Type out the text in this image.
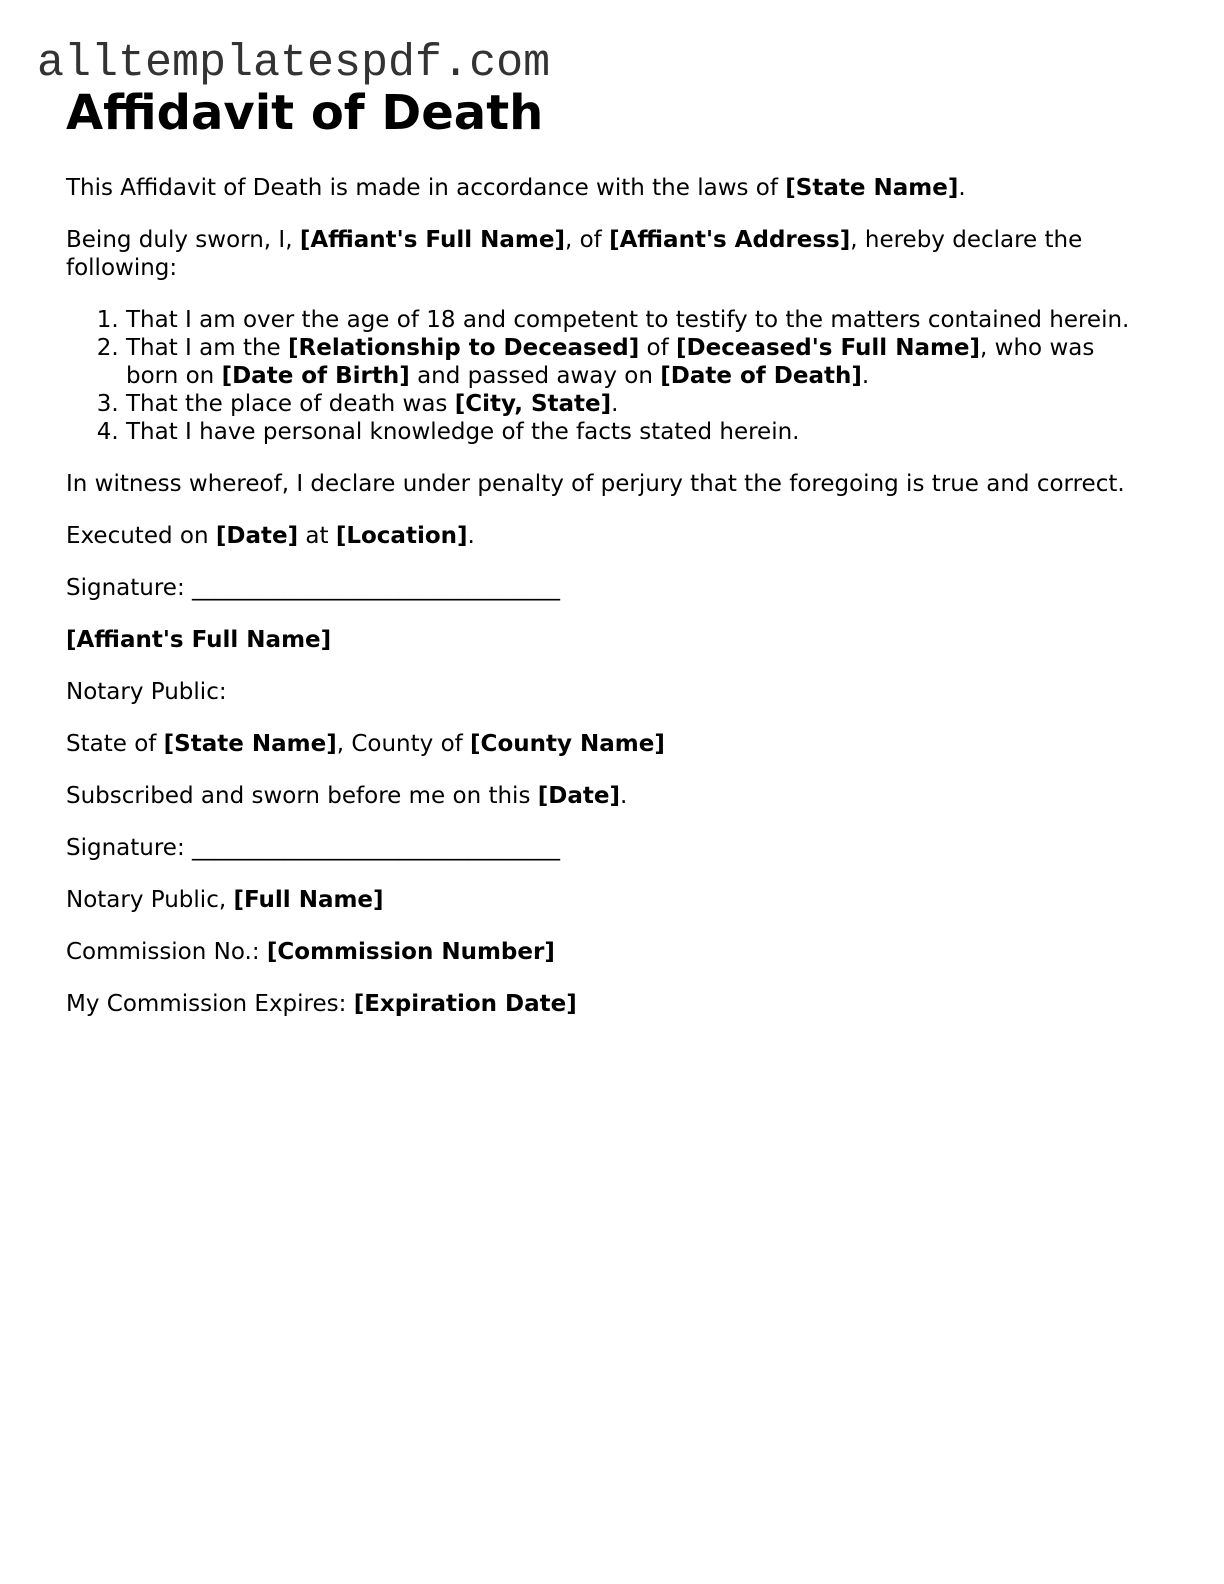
alltemplatespdf.com
Affidavit of Death

This Affidavit of Death is made in accordance with the laws of [State Name].

Being duly sworn, I, [Affiant's Full Name], of [Affiant's Address], hereby declare the following:

1. That I am over the age of 18 and competent to testify to the matters contained herein.
2. That I am the [Relationship to Deceased] of [Deceased's Full Name], who was born on [Date of Birth] and passed away on [Date of Death].
3. That the place of death was [City, State].
4. That I have personal knowledge of the facts stated herein.

In witness whereof, I declare under penalty of perjury that the foregoing is true and correct.

Executed on [Date] at [Location].

Signature: ________________________________

[Affiant's Full Name]

Notary Public:

State of [State Name], County of [County Name]

Subscribed and sworn before me on this [Date].

Signature: ________________________________

Notary Public, [Full Name]

Commission No.: [Commission Number]

My Commission Expires: [Expiration Date]
